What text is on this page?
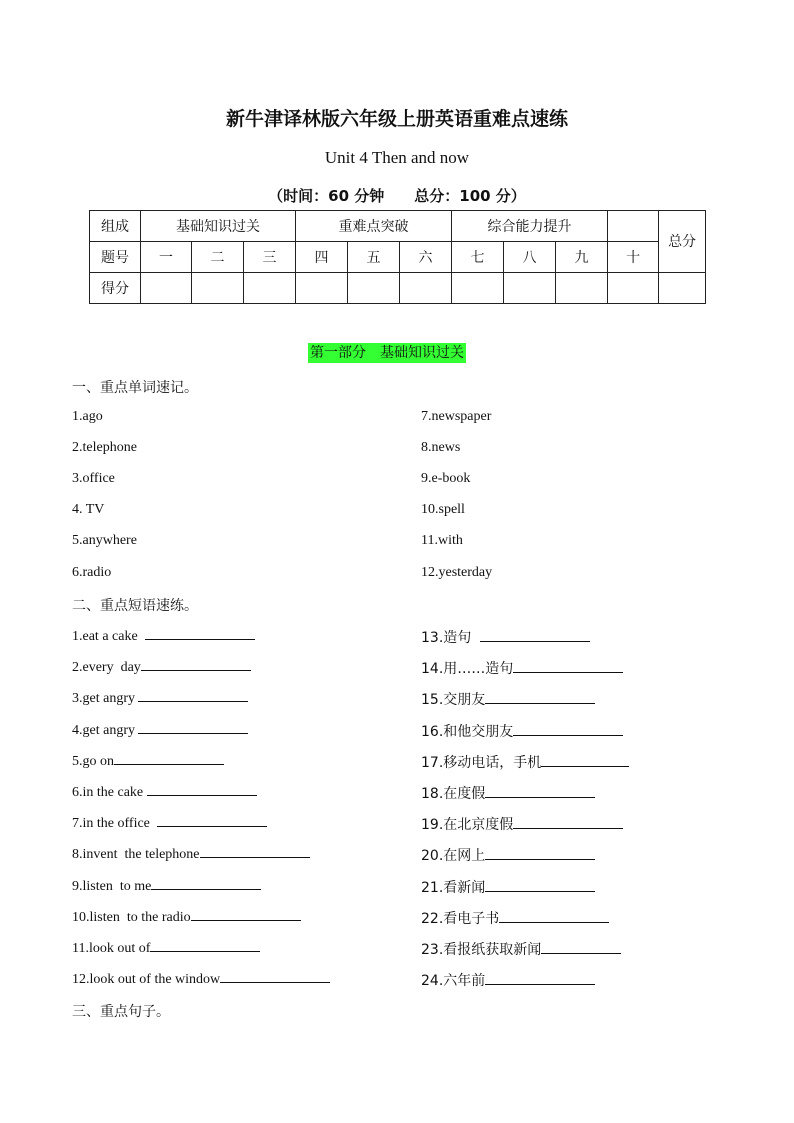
新牛津译林版六年级上册英语重难点速练
Unit 4 Then and now
（时间：60 分钟　　总分：100 分）
组成	基础知识过关			重难点突破			综合能力提升				总分
题号	一	二	三	四	五	六	七	八	九	十	
得分											
第一部分　基础知识过关
一、重点单词速记。
1.ago
2.telephone
3.office
4. TV
5.anywhere
6.radio
7.newspaper
8.news
9.e-book
10.spell
11.with
12.yesterday
二、重点短语速练。
1.eat a cake
2.every  day
3.get angry
4.get angry
5.go on
6.in the cake
7.in the office
8.invent  the telephone
9.listen  to me
10.listen  to the radio
11.look out of
12.look out of the window
13.造句
14.用……造句
15.交朋友
16.和他交朋友
17.移动电话，手机
18.在度假
19.在北京度假
20.在网上
21.看新闻
22.看电子书
23.看报纸获取新闻
24.六年前
三、重点句子。
